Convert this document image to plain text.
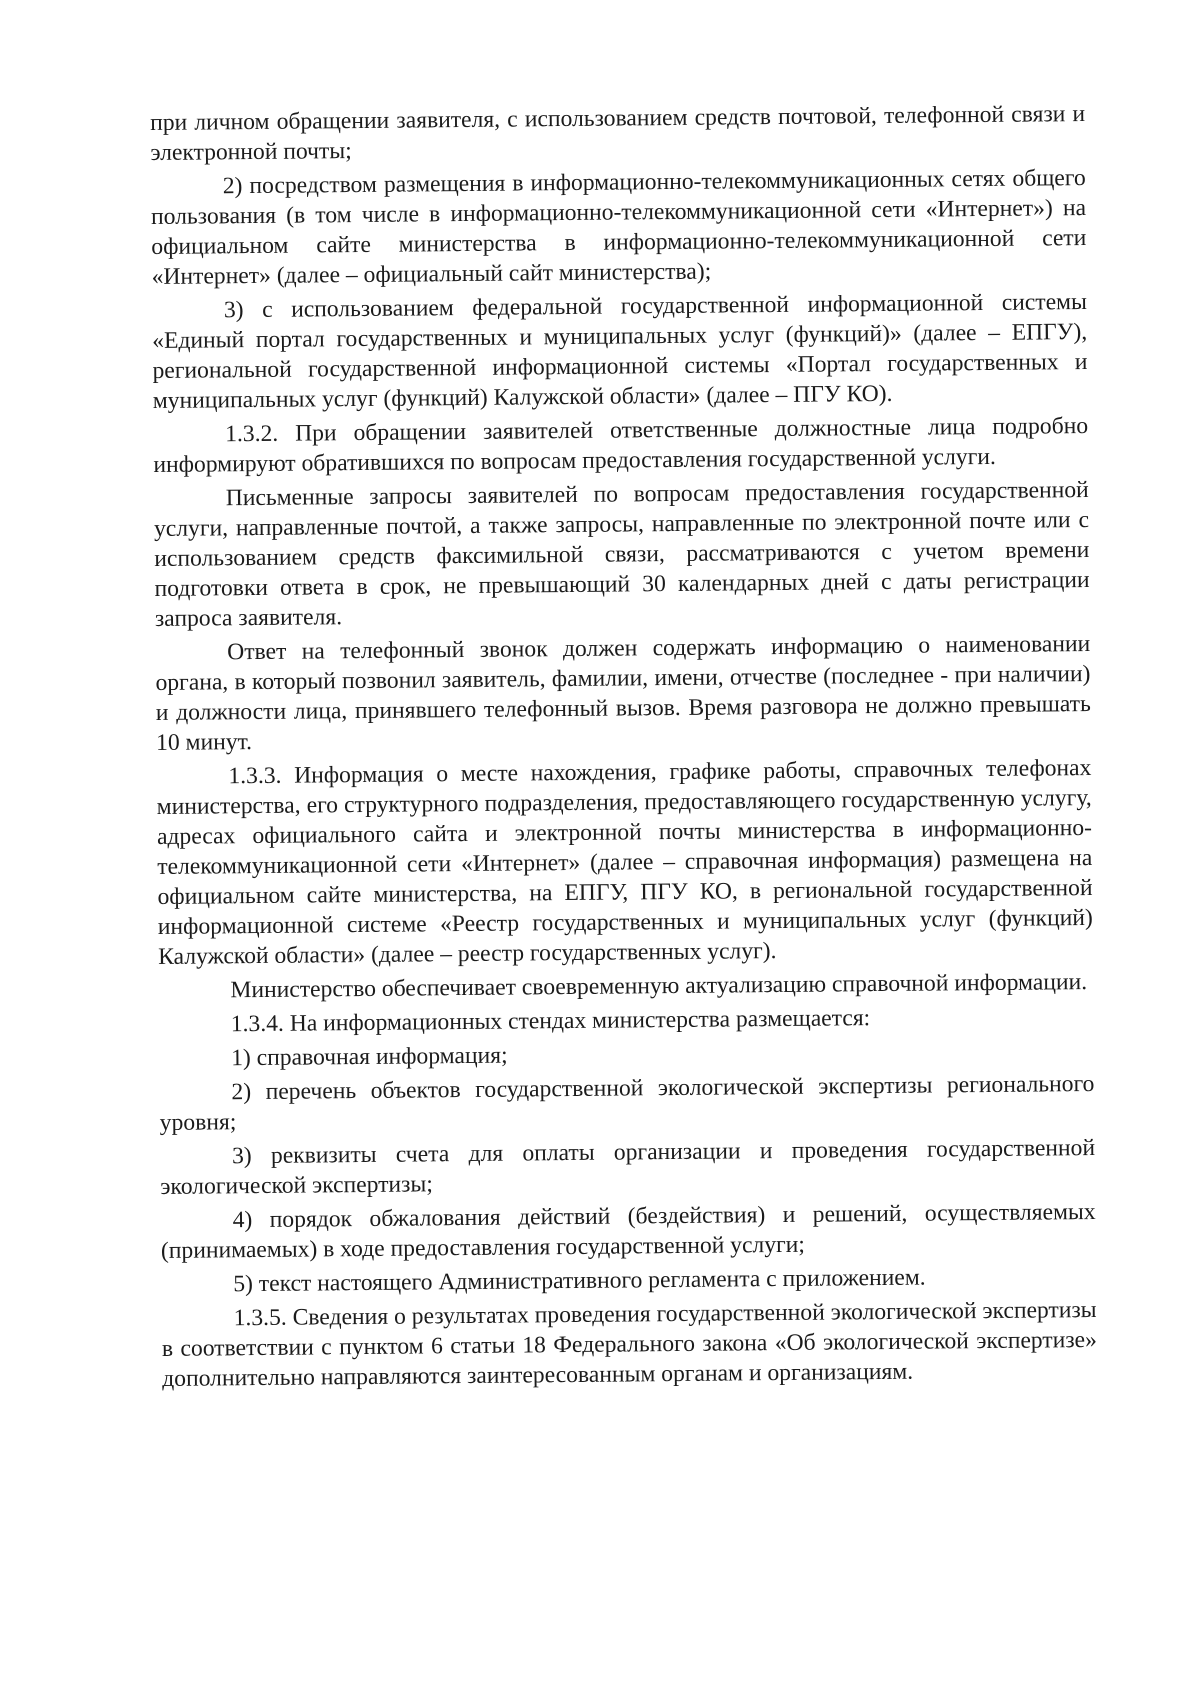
при личном обращении заявителя, с использованием средств почтовой, телефонной связи и электронной почты;

2) посредством размещения в информационно-телекоммуникационных сетях общего пользования (в том числе в информационно-телекоммуникационной сети «Интернет») на официальном сайте министерства в информационно-телекоммуникационной сети «Интернет» (далее – официальный сайт министерства);

3) с использованием федеральной государственной информационной системы «Единый портал государственных и муниципальных услуг (функций)» (далее – ЕПГУ), региональной государственной информационной системы «Портал государственных и муниципальных услуг (функций) Калужской области» (далее – ПГУ КО).

1.3.2. При обращении заявителей ответственные должностные лица подробно информируют обратившихся по вопросам предоставления государственной услуги.

Письменные запросы заявителей по вопросам предоставления государственной услуги, направленные почтой, а также запросы, направленные по электронной почте или с использованием средств факсимильной связи, рассматриваются с учетом времени подготовки ответа в срок, не превышающий 30 календарных дней с даты регистрации запроса заявителя.

Ответ на телефонный звонок должен содержать информацию о наименовании органа, в который позвонил заявитель, фамилии, имени, отчестве (последнее - при наличии) и должности лица, принявшего телефонный вызов. Время разговора не должно превышать 10 минут.

1.3.3. Информация о месте нахождения, графике работы, справочных телефонах министерства, его структурного подразделения, предоставляющего государственную услугу, адресах официального сайта и электронной почты министерства в информационно-телекоммуникационной сети «Интернет» (далее – справочная информация) размещена на официальном сайте министерства, на ЕПГУ, ПГУ КО, в региональной государственной информационной системе «Реестр государственных и муниципальных услуг (функций) Калужской области» (далее – реестр государственных услуг).

Министерство обеспечивает своевременную актуализацию справочной информации.

1.3.4. На информационных стендах министерства размещается:

1) справочная информация;

2) перечень объектов государственной экологической экспертизы регионального уровня;

3) реквизиты счета для оплаты организации и проведения государственной экологической экспертизы;

4) порядок обжалования действий (бездействия) и решений, осуществляемых (принимаемых) в ходе предоставления государственной услуги;

5) текст настоящего Административного регламента с приложением.

1.3.5. Сведения о результатах проведения государственной экологической экспертизы в соответствии с пунктом 6 статьи 18 Федерального закона «Об экологической экспертизе» дополнительно направляются заинтересованным органам и организациям.
